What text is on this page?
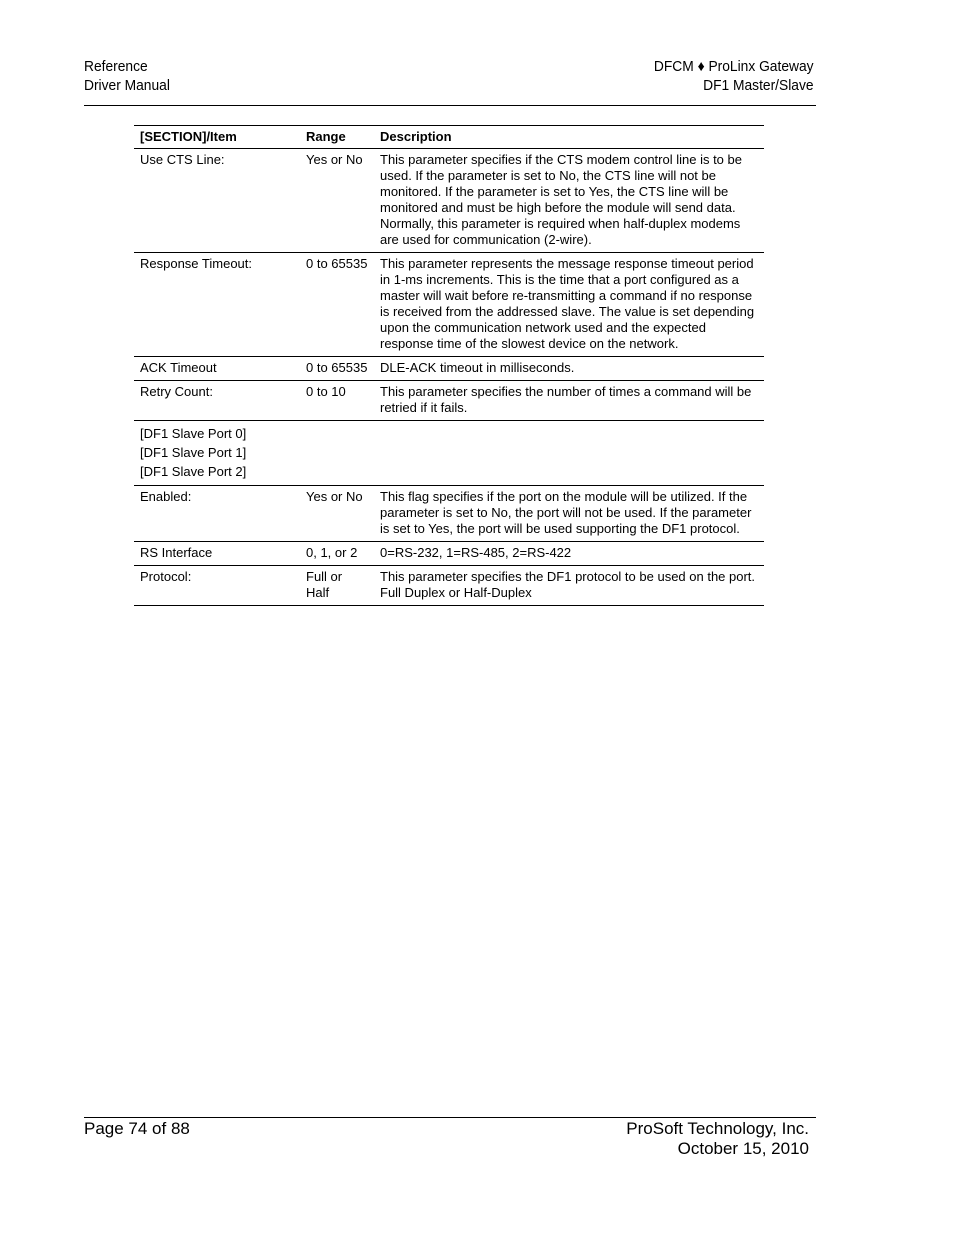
Reference
Driver Manual
DFCM ♦ ProLinx Gateway
DF1 Master/Slave
[SECTION]/Item	Range	Description
Use CTS Line:	Yes or No	This parameter specifies if the CTS modem control line is to be used. If the parameter is set to No, the CTS line will not be monitored. If the parameter is set to Yes, the CTS line will be monitored and must be high before the module will send data. Normally, this parameter is required when half-duplex modems are used for communication (2-wire).
Response Timeout:	0 to 65535	This parameter represents the message response timeout period in 1-ms increments. This is the time that a port configured as a master will wait before re-transmitting a command if no response is received from the addressed slave. The value is set depending upon the communication network used and the expected response time of the slowest device on the network.
ACK Timeout	0 to 65535	DLE-ACK timeout in milliseconds.
Retry Count:	0 to 10	This parameter specifies the number of times a command will be retried if it fails.

[DF1 Slave Port 0]
[DF1 Slave Port 1]
[DF1 Slave Port 2]		

Enabled:	Yes or No	This flag specifies if the port on the module will be utilized. If the parameter is set to No, the port will not be used. If the parameter is set to Yes, the port will be used supporting the DF1 protocol.
RS Interface	0, 1, or 2	0=RS-232, 1=RS-485, 2=RS-422
Protocol:	Full or Half	This parameter specifies the DF1 protocol to be used on the port. Full Duplex or Half-Duplex
Page 74 of 88	ProSoft Technology, Inc.
October 15, 2010
